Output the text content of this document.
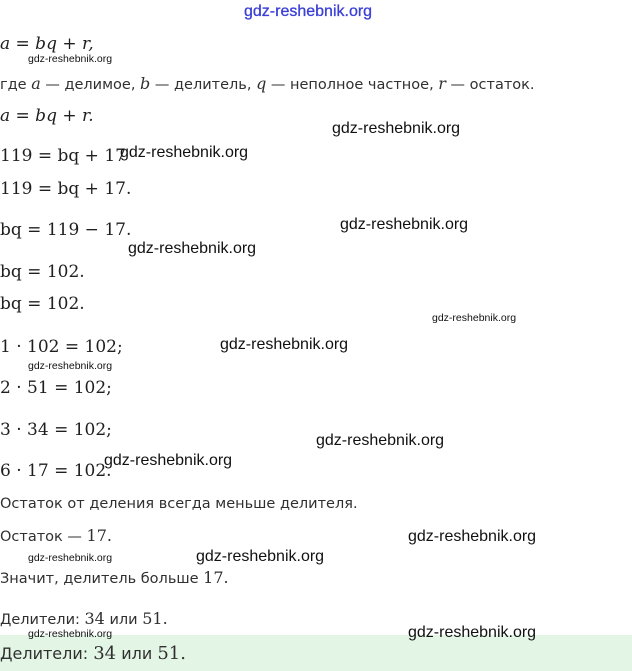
gdz-reshebnik.org
a = bq + r,
gdz-reshebnik.org
где a — делимое, b — делитель, q — неполное частное, r — остаток.
a = bq + r.
gdz-reshebnik.org
119 = bq + 17
gdz-reshebnik.org
119 = bq + 17.
bq = 119 − 17.	gdz-reshebnik.org
gdz-reshebnik.org
bq = 102.
bq = 102.
gdz-reshebnik.org
1 · 102 = 102;	gdz-reshebnik.org
gdz-reshebnik.org
2 · 51 = 102;
3 · 34 = 102;
gdz-reshebnik.org
6 · 17 = 102.
gdz-reshebnik.org
Остаток от деления всегда меньше делителя.
Остаток — 17.	gdz-reshebnik.org
gdz-reshebnik.org	gdz-reshebnik.org
Значит, делитель больше 17.
Делители: 34 или 51.
gdz-reshebnik.org	gdz-reshebnik.org
Делители: 34 или 51.
